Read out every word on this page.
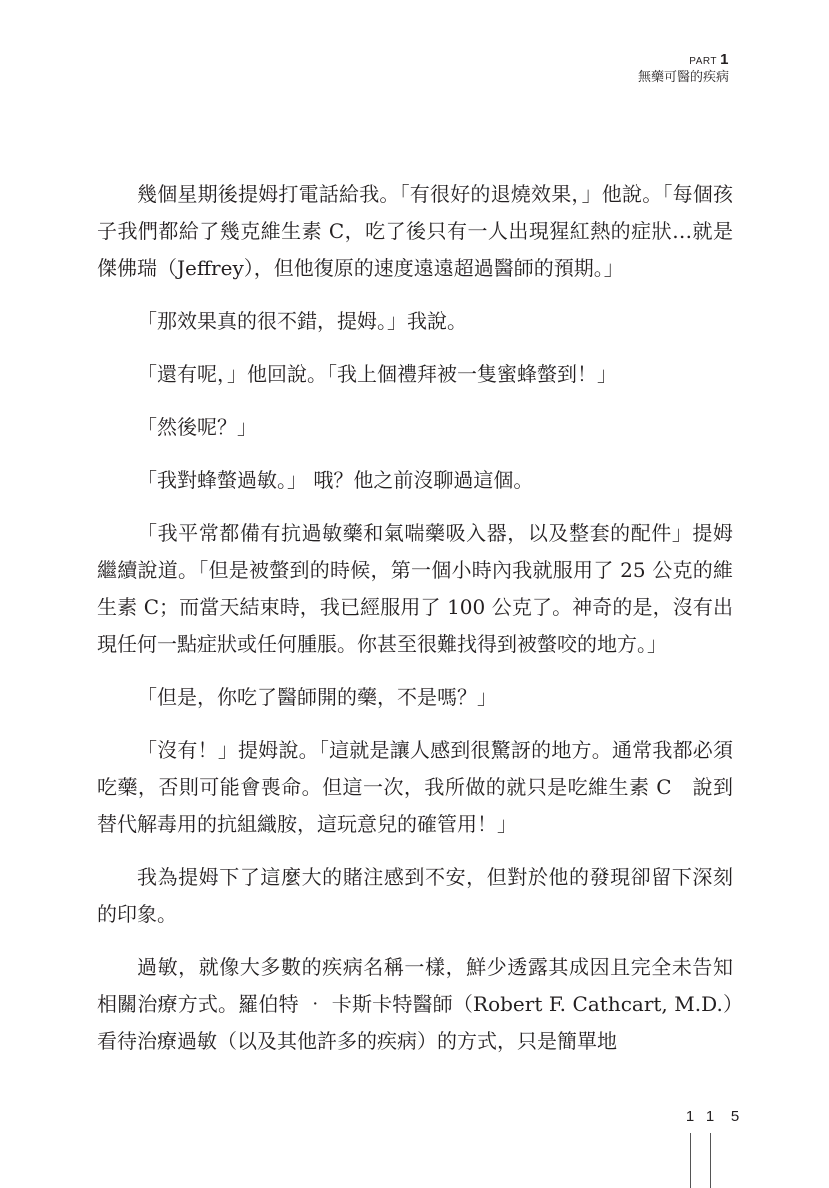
PART 1
無藥可醫的疾病

幾個星期後提姆打電話給我。「有很好的退燒效果，」他說。「每個孩子我們都給了幾克維生素 C，吃了後只有一人出現猩紅熱的症狀…就是傑佛瑞（Jeffrey），但他復原的速度遠遠超過醫師的預期。」

「那效果真的很不錯，提姆。」我說。

「還有呢，」他回說。「我上個禮拜被一隻蜜蜂螫到！」

「然後呢？」

「我對蜂螫過敏。」 哦？他之前沒聊過這個。

「我平常都備有抗過敏藥和氣喘藥吸入器，以及整套的配件」提姆繼續說道。「但是被螫到的時候，第一個小時內我就服用了 25 公克的維生素 C；而當天結束時，我已經服用了 100 公克了。神奇的是，沒有出現任何一點症狀或任何腫脹。你甚至很難找得到被螫咬的地方。」

「但是，你吃了醫師開的藥，不是嗎？」

「沒有！」提姆說。「這就是讓人感到很驚訝的地方。通常我都必須吃藥，否則可能會喪命。但這一次，我所做的就只是吃維生素 C　說到替代解毒用的抗組織胺，這玩意兒的確管用！」

我為提姆下了這麼大的賭注感到不安，但對於他的發現卻留下深刻的印象。

過敏，就像大多數的疾病名稱一樣，鮮少透露其成因且完全未告知相關治療方式。羅伯特 ‧ 卡斯卡特醫師（Robert F. Cathcart, M.D.）看待治療過敏（以及其他許多的疾病）的方式，只是簡單地

1 1 5
